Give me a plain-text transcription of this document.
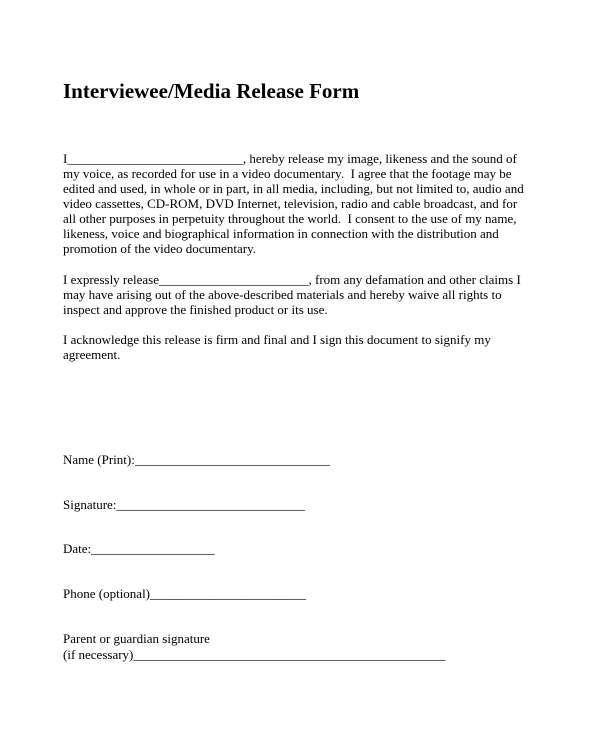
Interviewee/Media Release Form

I___________________________, hereby release my image, likeness and the sound of

my voice, as recorded for use in a video documentary.  I agree that the footage may be

edited and used, in whole or in part, in all media, including, but not limited to, audio and

video cassettes, CD-ROM, DVD Internet, television, radio and cable broadcast, and for

all other purposes in perpetuity throughout the world.  I consent to the use of my name,

likeness, voice and biographical information in connection with the distribution and

promotion of the video documentary.

I expressly release_______________________, from any defamation and other claims I

may have arising out of the above-described materials and hereby waive all rights to

inspect and approve the finished product or its use.

I acknowledge this release is firm and final and I sign this document to signify my

agreement.

Name (Print):______________________________

Signature:_____________________________

Date:___________________

Phone (optional)________________________

Parent or guardian signature

(if necessary)________________________________________________
